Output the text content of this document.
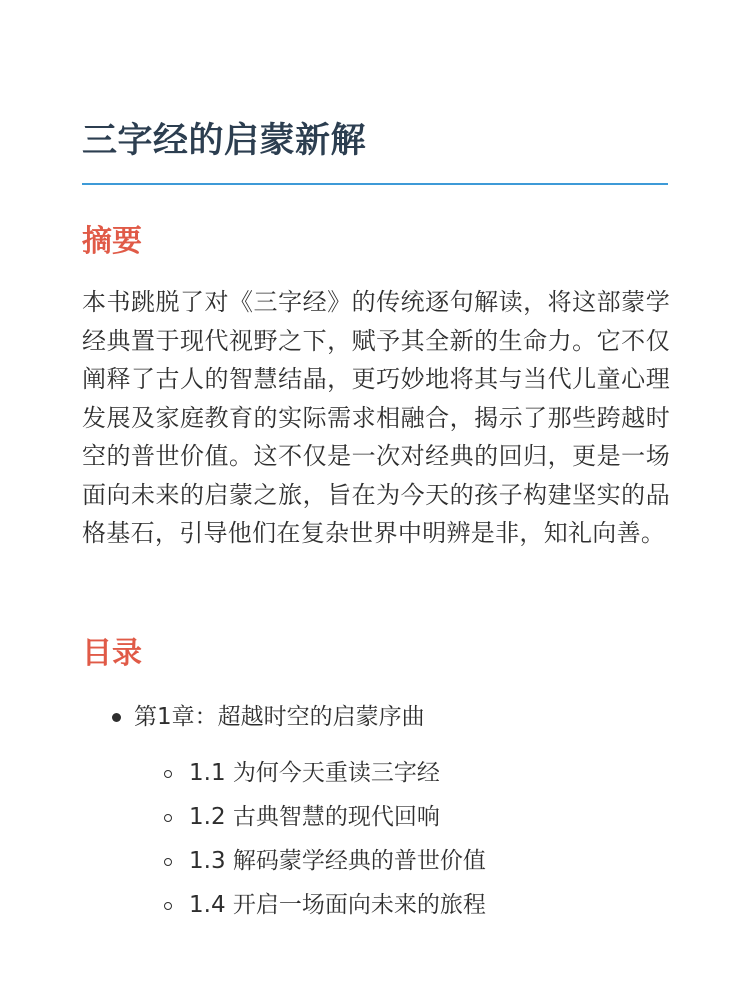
三字经的启蒙新解
摘要

本书跳脱了对《三字经》的传统逐句解读，将这部蒙学经典置于现代视野之下，赋予其全新的生命力。它不仅阐释了古人的智慧结晶，更巧妙地将其与当代儿童心理发展及家庭教育的实际需求相融合，揭示了那些跨越时空的普世价值。这不仅是一次对经典的回归，更是一场面向未来的启蒙之旅，旨在为今天的孩子构建坚实的品格基石，引导他们在复杂世界中明辨是非，知礼向善。

目录
第1章：超越时空的启蒙序曲
1.1 为何今天重读三字经
1.2 古典智慧的现代回响
1.3 解码蒙学经典的普世价值
1.4 开启一场面向未来的旅程
